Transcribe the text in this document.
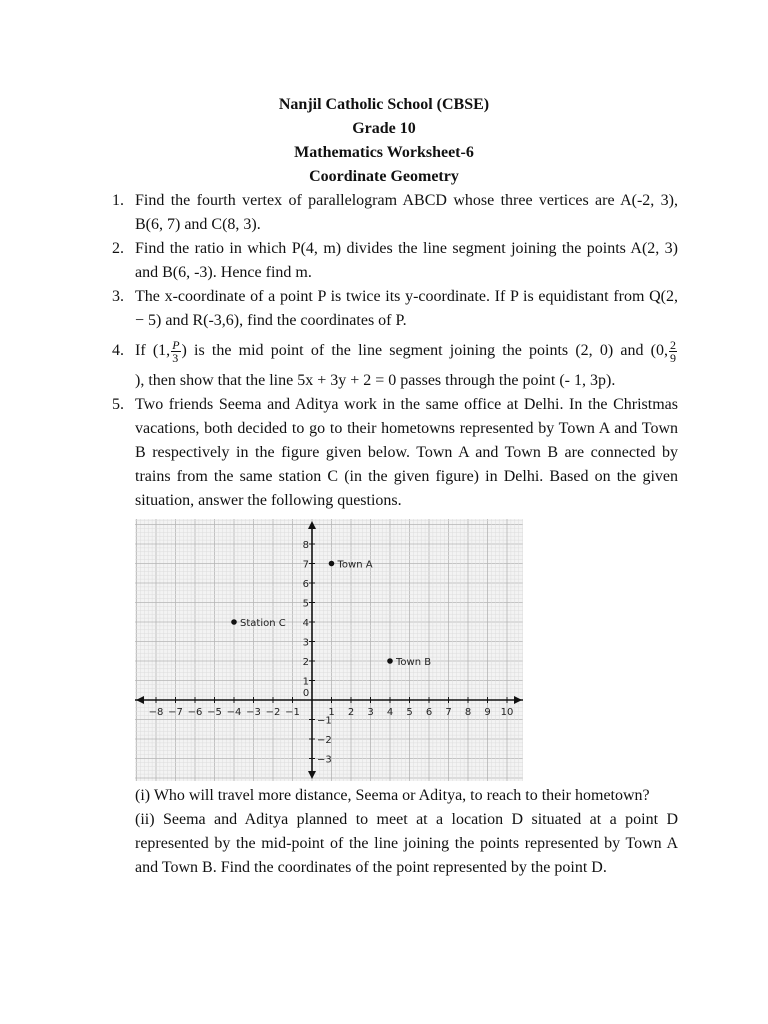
Nanjil Catholic School (CBSE)
Grade 10
Mathematics Worksheet-6
Coordinate Geometry
1. Find the fourth vertex of parallelogram ABCD whose three vertices are A(-2, 3), B(6, 7) and C(8, 3).
2. Find the ratio in which P(4, m) divides the line segment joining the points A(2, 3) and B(6, -3). Hence find m.
3. The x-coordinate of a point P is twice its y-coordinate. If P is equidistant from Q(2, − 5) and R(-3,6), find the coordinates of P.
4. If (1, $\frac{P}{3}$ ) is the mid point of the line segment joining the points (2, 0) and (0, $\frac{2}{9}$
), then show that the line 5x + 3y + 2 = 0 passes through the point (- 1, 3p).
5. Two friends Seema and Aditya work in the same office at Delhi. In the Christmas vacations, both decided to go to their hometowns represented by Town A and Town B respectively in the figure given below. Town A and Town B are connected by trains from the same station C (in the given figure) in Delhi. Based on the given situation, answer the following questions.
−8 −7 −6 −5 −4 −3 −2 −1
0
1 2 3 4 5 6 7 8 9 10
1
2
3
4
5
6
7
8
−1
−2
−3
Town A
Station C
Town B

(i) Who will travel more distance, Seema or Aditya, to reach to their hometown?

(ii) Seema and Aditya planned to meet at a location D situated at a point D represented by the mid-point of the line joining the points represented by Town A and Town B. Find the coordinates of the point represented by the point D.
